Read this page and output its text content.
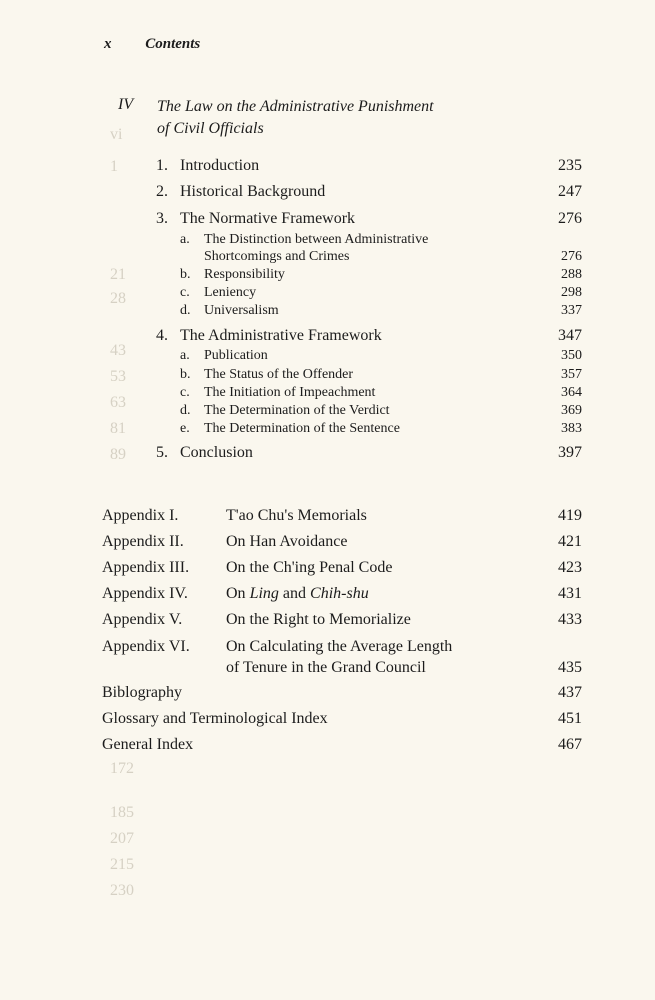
vi
1
21
28
43
53
63
81
89
172
185
207
215
230
x Contents
IV The Law on the Administrative Punishment
of Civil Officials
1. Introduction	235
2. Historical Background	247
3. The Normative Framework	276
a. The Distinction between Administrative
Shortcomings and Crimes	276
b. Responsibility	288
c. Leniency	298
d. Universalism	337
4. The Administrative Framework	347
a. Publication	350
b. The Status of the Offender	357
c. The Initiation of Impeachment	364
d. The Determination of the Verdict	369
e. The Determination of the Sentence	383
5. Conclusion	397
Appendix I.	T'ao Chu's Memorials	419
Appendix II.	On Han Avoidance	421
Appendix III. On the Ch'ing Penal Code	423
Appendix IV. On Ling and Chih-shu	431
Appendix V.	On the Right to Memorialize	433
Appendix VI. On Calculating the Average Length
of Tenure in the Grand Council	435
Biblography	437
Glossary and Terminological Index	451
General Index	467
